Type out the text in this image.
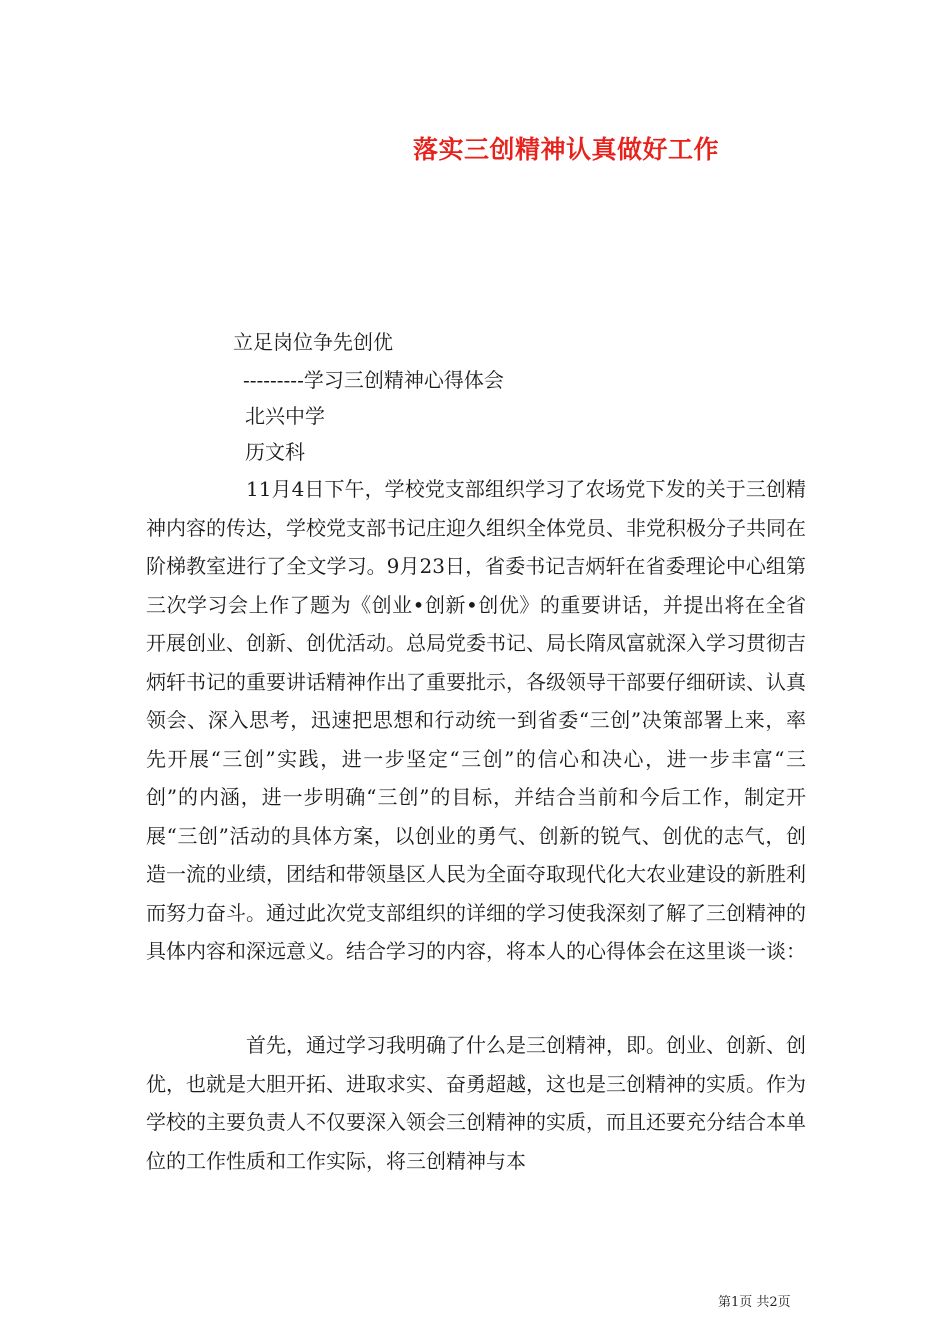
落实三创精神认真做好工作
立足岗位争先创优
---------学习三创精神心得体会
北兴中学
历文科

11月4日下午，学校党支部组织学习了农场党下发的关于三创精神内容的传达，学校党支部书记庄迎久组织全体党员、非党积极分子共同在阶梯教室进行了全文学习。9月23日，省委书记吉炳轩在省委理论中心组第三次学习会上作了题为《创业•创新•创优》的重要讲话，并提出将在全省开展创业、创新、创优活动。总局党委书记、局长隋凤富就深入学习贯彻吉炳轩书记的重要讲话精神作出了重要批示，各级领导干部要仔细研读、认真领会、深入思考，迅速把思想和行动统一到省委“三创”决策部署上来，率先开展“三创”实践，进一步坚定“三创”的信心和决心，进一步丰富“三创”的内涵，进一步明确“三创”的目标，并结合当前和今后工作，制定开展“三创”活动的具体方案，以创业的勇气、创新的锐气、创优的志气，创造一流的业绩，团结和带领垦区人民为全面夺取现代化大农业建设的新胜利而努力奋斗。通过此次党支部组织的详细的学习使我深刻了解了三创精神的具体内容和深远意义。结合学习的内容，将本人的心得体会在这里谈一谈：

首先，通过学习我明确了什么是三创精神，即。创业、创新、创优，也就是大胆开拓、进取求实、奋勇超越，这也是三创精神的实质。作为学校的主要负责人不仅要深入领会三创精神的实质，而且还要充分结合本单位的工作性质和工作实际，将三创精神与本

第1页 共2页
